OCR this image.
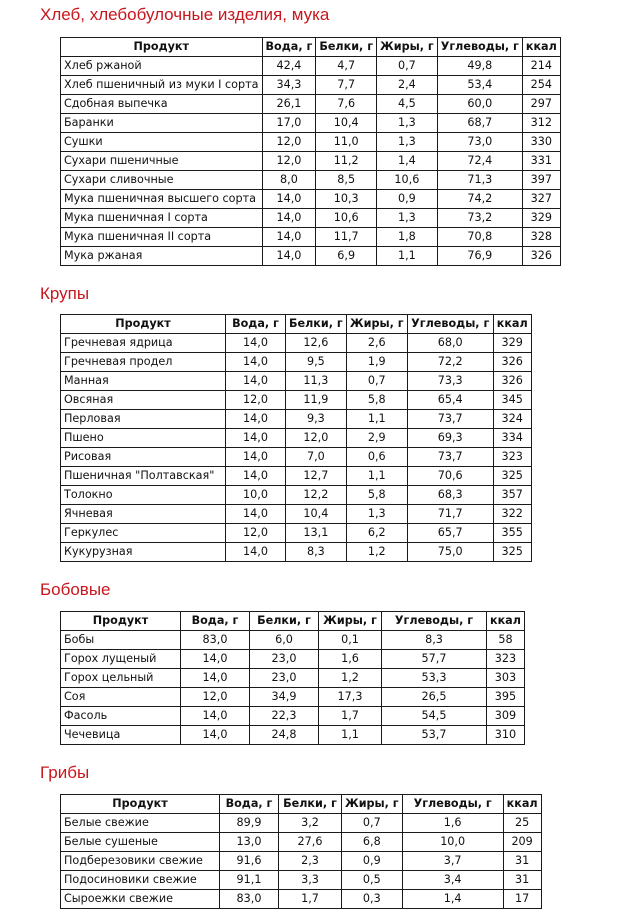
Хлеб, хлебобулочные изделия, мука
Продукт	Вода, г	Белки, г	Жиры, г	Углеводы, г	ккал
Хлеб ржаной	42,4	4,7	0,7	49,8	214
Хлеб пшеничный из муки I сорта	34,3	7,7	2,4	53,4	254
Сдобная выпечка	26,1	7,6	4,5	60,0	297
Баранки	17,0	10,4	1,3	68,7	312
Сушки	12,0	11,0	1,3	73,0	330
Сухари пшеничные	12,0	11,2	1,4	72,4	331
Сухари сливочные	8,0	8,5	10,6	71,3	397
Мука пшеничная высшего сорта	14,0	10,3	0,9	74,2	327
Мука пшеничная I сорта	14,0	10,6	1,3	73,2	329
Мука пшеничная II сорта	14,0	11,7	1,8	70,8	328
Мука ржаная	14,0	6,9	1,1	76,9	326
Крупы
Продукт	Вода, г	Белки, г	Жиры, г	Углеводы, г	ккал
Гречневая ядрица	14,0	12,6	2,6	68,0	329
Гречневая продел	14,0	9,5	1,9	72,2	326
Манная	14,0	11,3	0,7	73,3	326
Овсяная	12,0	11,9	5,8	65,4	345
Перловая	14,0	9,3	1,1	73,7	324
Пшено	14,0	12,0	2,9	69,3	334
Рисовая	14,0	7,0	0,6	73,7	323
Пшеничная "Полтавская"	14,0	12,7	1,1	70,6	325
Толокно	10,0	12,2	5,8	68,3	357
Ячневая	14,0	10,4	1,3	71,7	322
Геркулес	12,0	13,1	6,2	65,7	355
Кукурузная	14,0	8,3	1,2	75,0	325
Бобовые
Продукт	Вода, г	Белки, г	Жиры, г	Углеводы, г	ккал
Бобы	83,0	6,0	0,1	8,3	58
Горох лущеный	14,0	23,0	1,6	57,7	323
Горох цельный	14,0	23,0	1,2	53,3	303
Соя	12,0	34,9	17,3	26,5	395
Фасоль	14,0	22,3	1,7	54,5	309
Чечевица	14,0	24,8	1,1	53,7	310
Грибы
Продукт	Вода, г	Белки, г	Жиры, г	Углеводы, г	ккал
Белые свежие	89,9	3,2	0,7	1,6	25
Белые сушеные	13,0	27,6	6,8	10,0	209
Подберезовики свежие	91,6	2,3	0,9	3,7	31
Подосиновики свежие	91,1	3,3	0,5	3,4	31
Сыроежки свежие	83,0	1,7	0,3	1,4	17
